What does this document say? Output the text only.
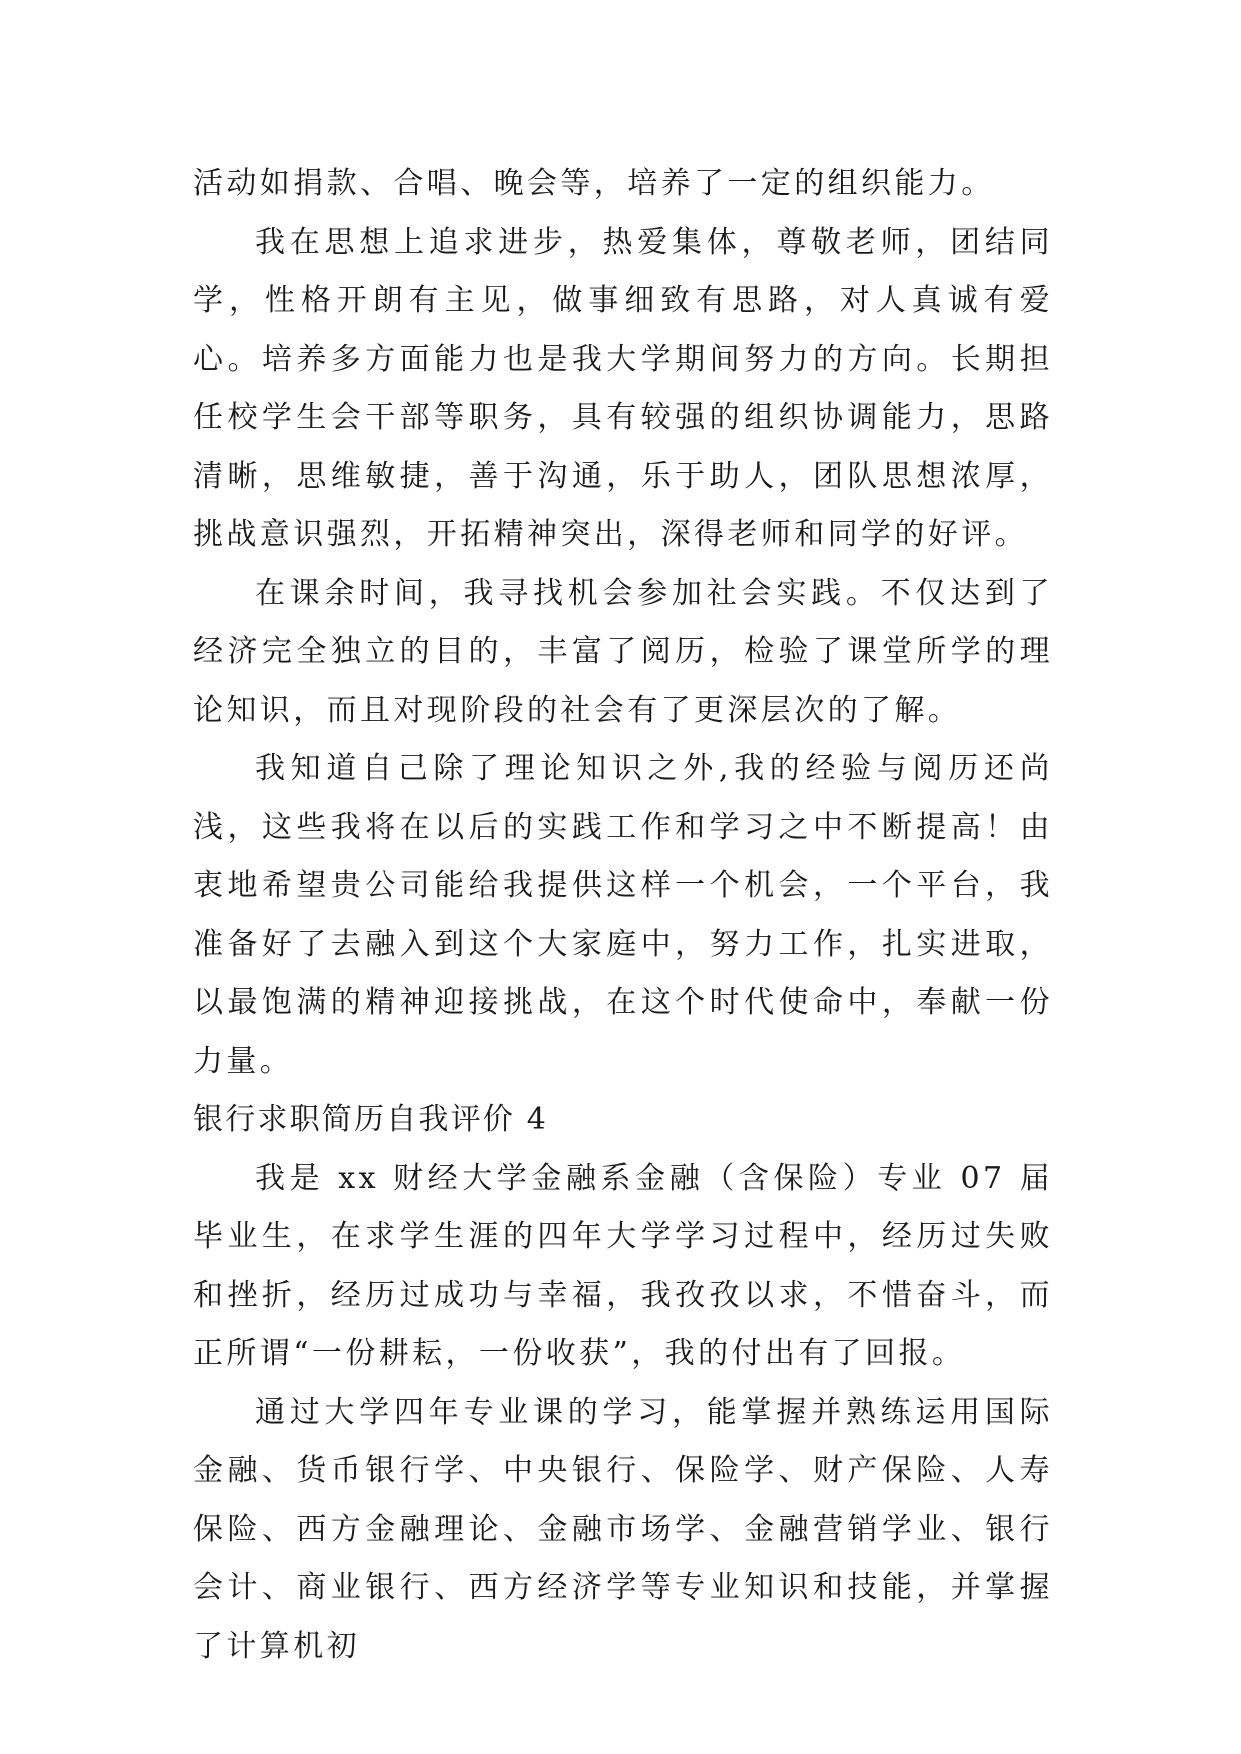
活动如捐款、合唱、晚会等，培养了一定的组织能力。

我在思想上追求进步，热爱集体，尊敬老师，团结同学，性格开朗有主见，做事细致有思路，对人真诚有爱心。培养多方面能力也是我大学期间努力的方向。长期担任校学生会干部等职务，具有较强的组织协调能力，思路清晰，思维敏捷，善于沟通，乐于助人，团队思想浓厚，挑战意识强烈，开拓精神突出，深得老师和同学的好评。

在课余时间，我寻找机会参加社会实践。不仅达到了经济完全独立的目的，丰富了阅历，检验了课堂所学的理论知识，而且对现阶段的社会有了更深层次的了解。

我知道自己除了理论知识之外,我的经验与阅历还尚浅，这些我将在以后的实践工作和学习之中不断提高！由衷地希望贵公司能给我提供这样一个机会，一个平台，我准备好了去融入到这个大家庭中，努力工作，扎实进取，以最饱满的精神迎接挑战，在这个时代使命中，奉献一份力量。

银行求职简历自我评价 4

我是 xx 财经大学金融系金融（含保险）专业 07 届毕业生，在求学生涯的四年大学学习过程中，经历过失败和挫折，经历过成功与幸福，我孜孜以求，不惜奋斗，而正所谓“一份耕耘，一份收获”，我的付出有了回报。

通过大学四年专业课的学习，能掌握并熟练运用国际金融、货币银行学、中央银行、保险学、财产保险、人寿保险、西方金融理论、金融市场学、金融营销学业、银行会计、商业银行、西方经济学等专业知识和技能，并掌握了计算机初
